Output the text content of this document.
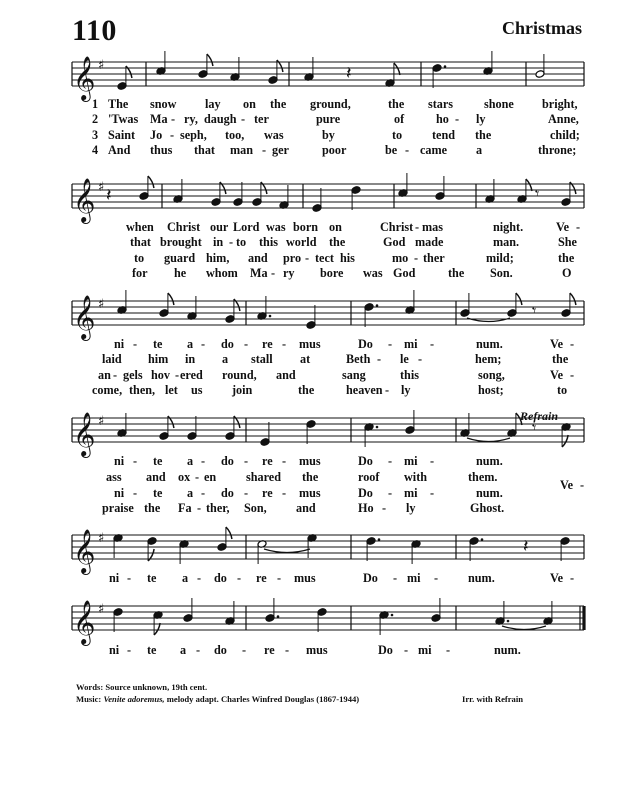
110	Christmas
𝄞 ♯	𝄽
𝄞 ♯ 𝄽	𝄾
𝄞 ♯	𝄾
𝄞 ♯	𝄾
𝄞 ♯	𝄽
𝄞 ♯
The snow lay on the ground,	the stars	shone bright,
'Twas Ma - ry, daugh - ter	pure	of	ho - ly	Anne,
Saint Jo - seph, too, was	by	to tend the	child;
And thus that man - ger	poor	be - came a	throne;
when Christ our Lord was born on	Christ - mas	night.	Ve -
that brought in - to this world the	God made	man.	She
to guard him, and pro - tect his	mo - ther	mild;	the
for he whom Ma - ry bore was God	the Son.	O
ni - te a - do - re - mus	Do - mi -	num.	Ve -
laid him in a stall at	Beth - le -	hem;	the
an - gels hov - ered round, and	sang	this	song,	Ve -
come, then, let us join	the	heaven - ly	host;	to
ni - te a - do - re - mus	Do - mi -	num.
ass and ox - en shared the	roof with	them.
ni - te a - do - re - mus	Do - mi -	num.
praise the Fa - ther, Son, and	Ho - ly	Ghost.
Ve -
ni - te a - do - re - mus	Do - mi - num.	Ve -
ni - te a - do - re - mus	Do - mi -	num.
1
2
3
4
Refrain
Words: Source unknown, 19th cent.
Music: Venite adoremus, melody adapt. Charles Winfred Douglas (1867-1944)	Irr. with Refrain
